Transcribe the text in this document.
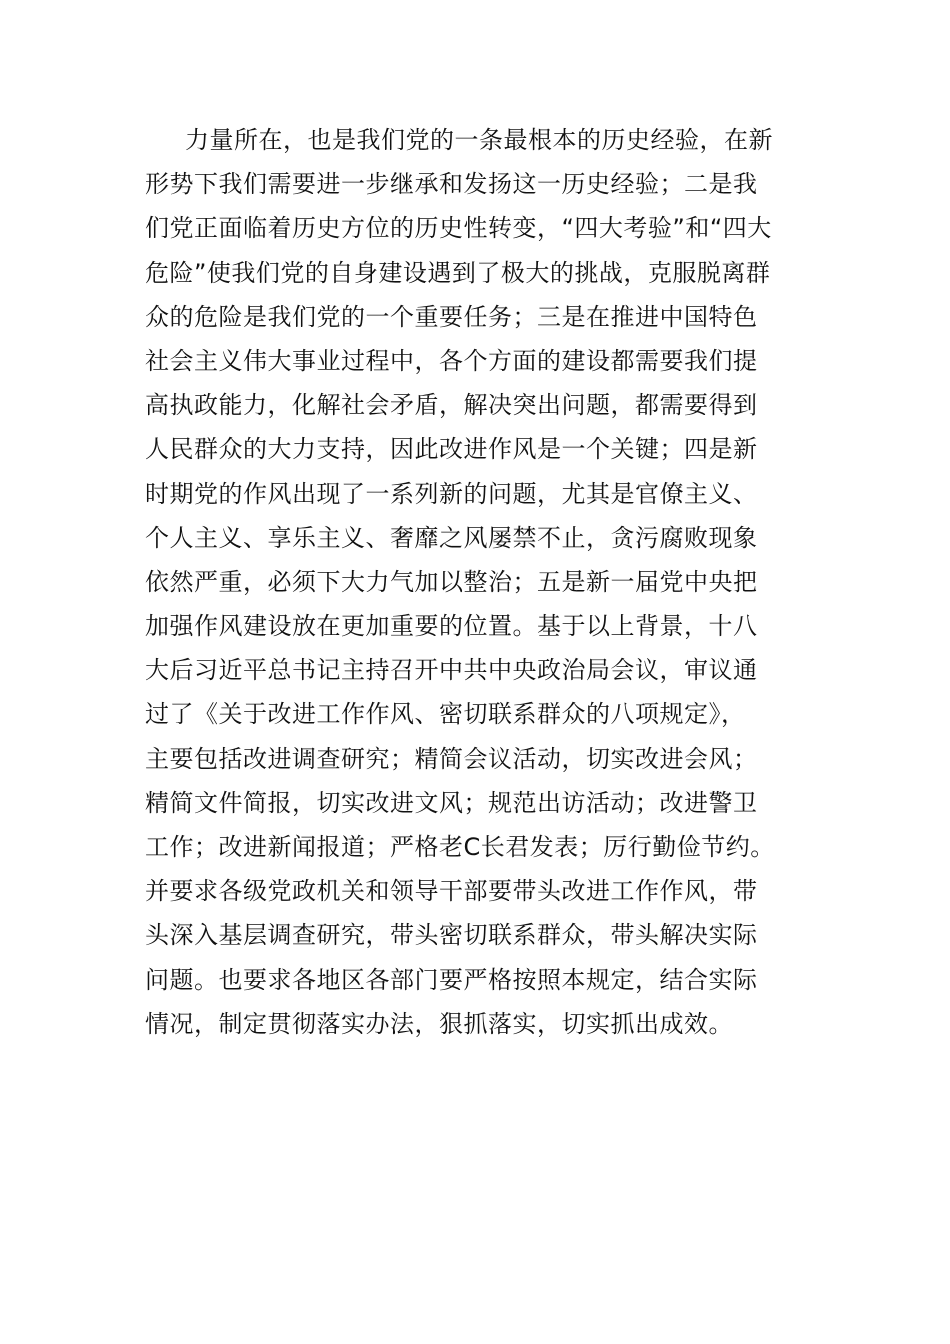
力量所在，也是我们党的一条最根本的历史经验，在新
形势下我们需要进一步继承和发扬这一历史经验；二是我
们党正面临着历史方位的历史性转变，“四大考验”和“四大
危险”使我们党的自身建设遇到了极大的挑战，克服脱离群
众的危险是我们党的一个重要任务；三是在推进中国特色
社会主义伟大事业过程中，各个方面的建设都需要我们提
高执政能力，化解社会矛盾，解决突出问题，都需要得到
人民群众的大力支持，因此改进作风是一个关键；四是新
时期党的作风出现了一系列新的问题，尤其是官僚主义、
个人主义、享乐主义、奢靡之风屡禁不止，贪污腐败现象
依然严重，必须下大力气加以整治；五是新一届党中央把
加强作风建设放在更加重要的位置。基于以上背景，十八
大后习近平总书记主持召开中共中央政治局会议，审议通
过了《关于改进工作作风、密切联系群众的八项规定》，
主要包括改进调查研究；精简会议活动，切实改进会风；
精简文件简报，切实改进文风；规范出访活动；改进警卫
工作；改进新闻报道；严格老C长君发表；厉行勤俭节约。
并要求各级党政机关和领导干部要带头改进工作作风，带
头深入基层调查研究，带头密切联系群众，带头解决实际
问题。也要求各地区各部门要严格按照本规定，结合实际
情况，制定贯彻落实办法，狠抓落实，切实抓出成效。
